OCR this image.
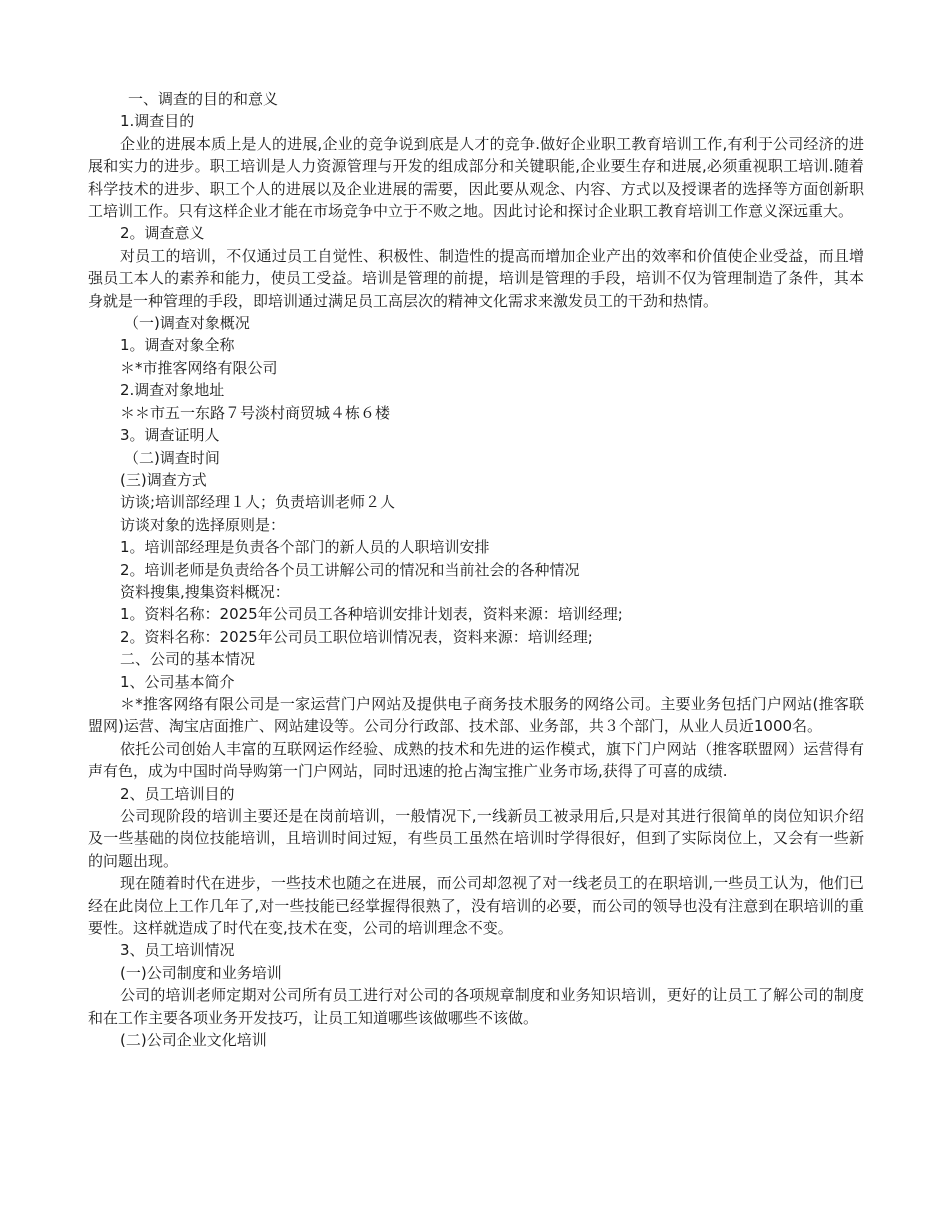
一、调查的目的和意义

1.调查目的

企业的进展本质上是人的进展,企业的竞争说到底是人才的竞争.做好企业职工教育培训工作,有利于公司经济的进展和实力的进步。职工培训是人力资源管理与开发的组成部分和关键职能,企业要生存和进展,必须重视职工培训.随着科学技术的进步、职工个人的进展以及企业进展的需要，因此要从观念、内容、方式以及授课者的选择等方面创新职工培训工作。只有这样企业才能在市场竞争中立于不败之地。因此讨论和探讨企业职工教育培训工作意义深远重大。

2。调查意义

对员工的培训，不仅通过员工自觉性、积极性、制造性的提高而增加企业产出的效率和价值使企业受益，而且增强员工本人的素养和能力，使员工受益。培训是管理的前提，培训是管理的手段，培训不仅为管理制造了条件，其本身就是一种管理的手段，即培训通过满足员工高层次的精神文化需求来激发员工的干劲和热情。

（一)调查对象概况

1。调查对象全称

＊*市推客网络有限公司

2.调查对象地址

＊＊市五一东路７号淡村商贸城４栋６楼

3。调查证明人

（二)调查时间

(三)调查方式

访谈;培训部经理１人；负责培训老师２人

访谈对象的选择原则是：

1。培训部经理是负责各个部门的新人员的人职培训安排

2。培训老师是负责给各个员工讲解公司的情况和当前社会的各种情况

资料搜集,搜集资料概况：

1。资料名称：2025年公司员工各种培训安排计划表，资料来源：培训经理;

2。资料名称：2025年公司员工职位培训情况表，资料来源：培训经理;

二、公司的基本情况

1、公司基本简介

＊*推客网络有限公司是一家运营门户网站及提供电子商务技术服务的网络公司。主要业务包括门户网站(推客联盟网)运营、淘宝店面推广、网站建设等。公司分行政部、技术部、业务部，共３个部门，从业人员近1000名。

依托公司创始人丰富的互联网运作经验、成熟的技术和先进的运作模式，旗下门户网站（推客联盟网）运营得有声有色，成为中国时尚导购第一门户网站，同时迅速的抢占淘宝推广业务市场,获得了可喜的成绩.

2、员工培训目的

公司现阶段的培训主要还是在岗前培训，一般情况下,一线新员工被录用后,只是对其进行很简单的岗位知识介绍及一些基础的岗位技能培训，且培训时间过短，有些员工虽然在培训时学得很好，但到了实际岗位上，又会有一些新的问题出现。

现在随着时代在进步，一些技术也随之在进展，而公司却忽视了对一线老员工的在职培训,一些员工认为，他们已经在此岗位上工作几年了,对一些技能已经掌握得很熟了，没有培训的必要，而公司的领导也没有注意到在职培训的重要性。这样就造成了时代在变,技术在变，公司的培训理念不变。

3、员工培训情况

(一)公司制度和业务培训

公司的培训老师定期对公司所有员工进行对公司的各项规章制度和业务知识培训，更好的让员工了解公司的制度和在工作主要各项业务开发技巧，让员工知道哪些该做哪些不该做。

(二)公司企业文化培训
